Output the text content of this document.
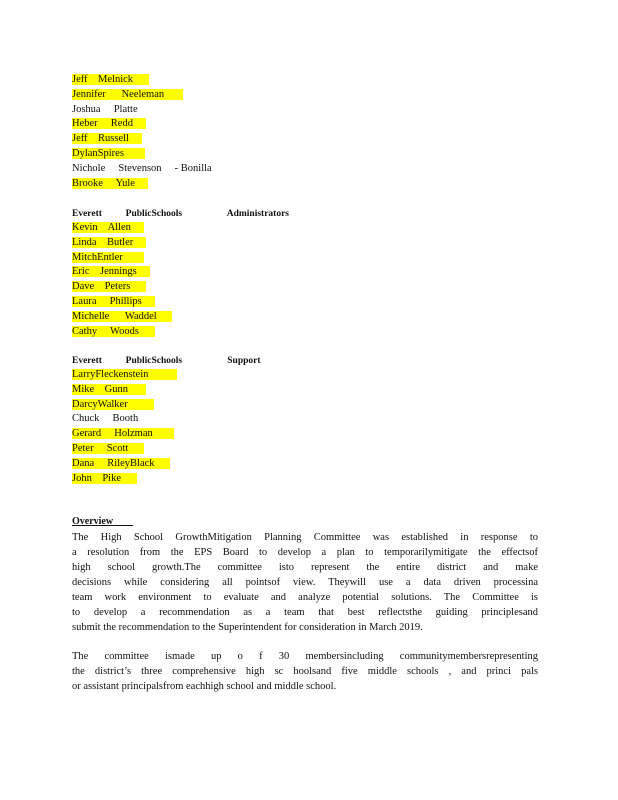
Jeff    Melnick
Jennifer      Neeleman
Joshua     Platte
Heber     Redd
Jeff    Russell
DylanSpires
Nichole     Stevenson     - Bonilla
Brooke     Yule
Everett          PublicSchools                   Administrators
Kevin    Allen
Linda    Butler
MitchEntler
Eric    Jennings
Dave    Peters
Laura     Phillips
Michelle      Waddel
Cathy     Woods
Everett          PublicSchools                   Support
LarryFleckenstein
Mike    Gunn
DarcyWalker
Chuck     Booth
Gerard     Holzman
Peter     Scott
Dana     RileyBlack
John    Pike
Overview
The High School GrowthMitigation Planning Committee was established in response to
a resolution from the EPS Board to develop a plan to temporarilymitigate the effectsof
high school growth.The committee isto represent the entire district and make
decisions while considering all pointsof view. Theywill use a data driven processina
team work environment to evaluate and analyze potential solutions. The Committee is
to develop a recommendation as a team that best reflectsthe guiding principlesand
submit the recommendation to the Superintendent for consideration in March 2019.
The committee ismade up o f 30 membersincluding communitymembersrepresenting
the district’s three comprehensive high sc hoolsand five middle schools , and princi pals
or assistant principalsfrom eachhigh school and middle school.
